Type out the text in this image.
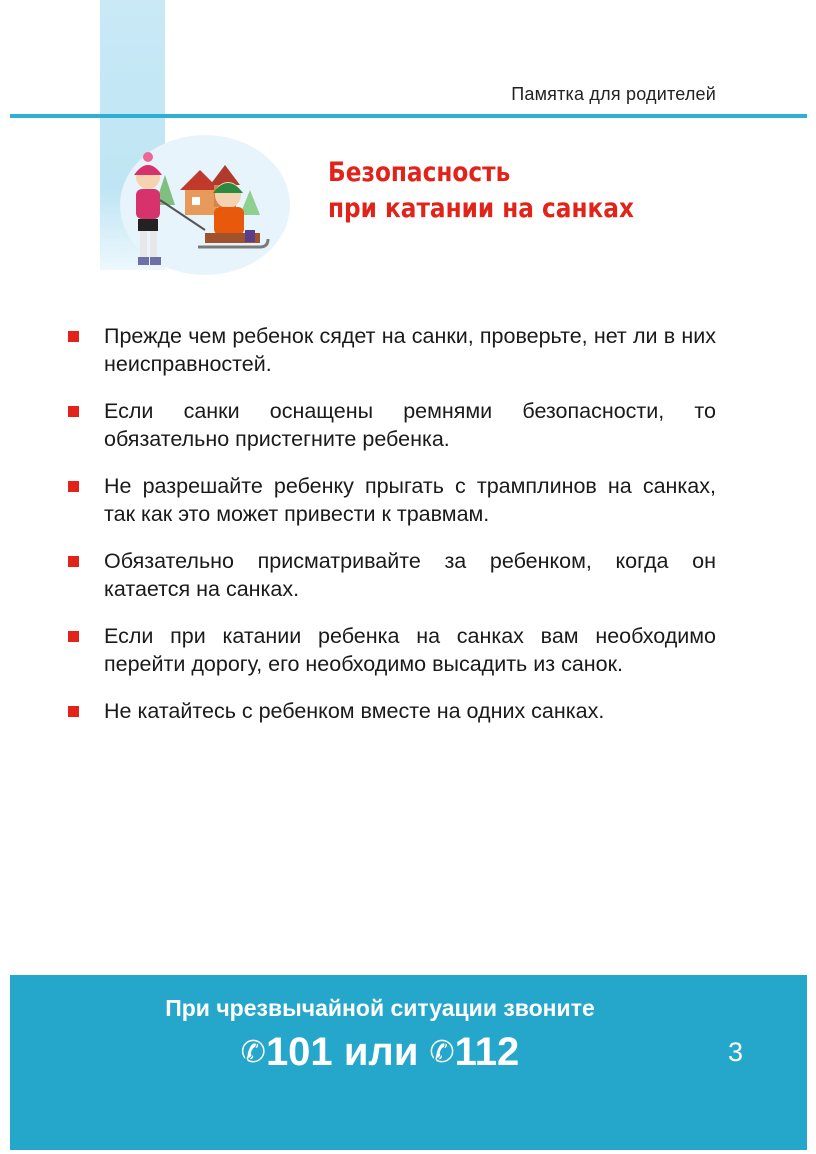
Памятка для родителей
Безопасность
при катании на санках
Прежде чем ребенок сядет на санки, проверьте, нет ли в них неисправностей.
Если санки оснащены ремнями безопасности, то обязательно пристегните ребенка.
Не разрешайте ребенку прыгать с трамплинов на санках, так как это может привести к травмам.
Обязательно присматривайте за ребенком, когда он катается на санках.
Если при катании ребенка на санках вам необходимо перейти дорогу, его необходимо высадить из санок.
Не катайтесь с ребенком вместе на одних санках.
При чрезвычайной ситуации звоните
✆101 или ✆112	3
